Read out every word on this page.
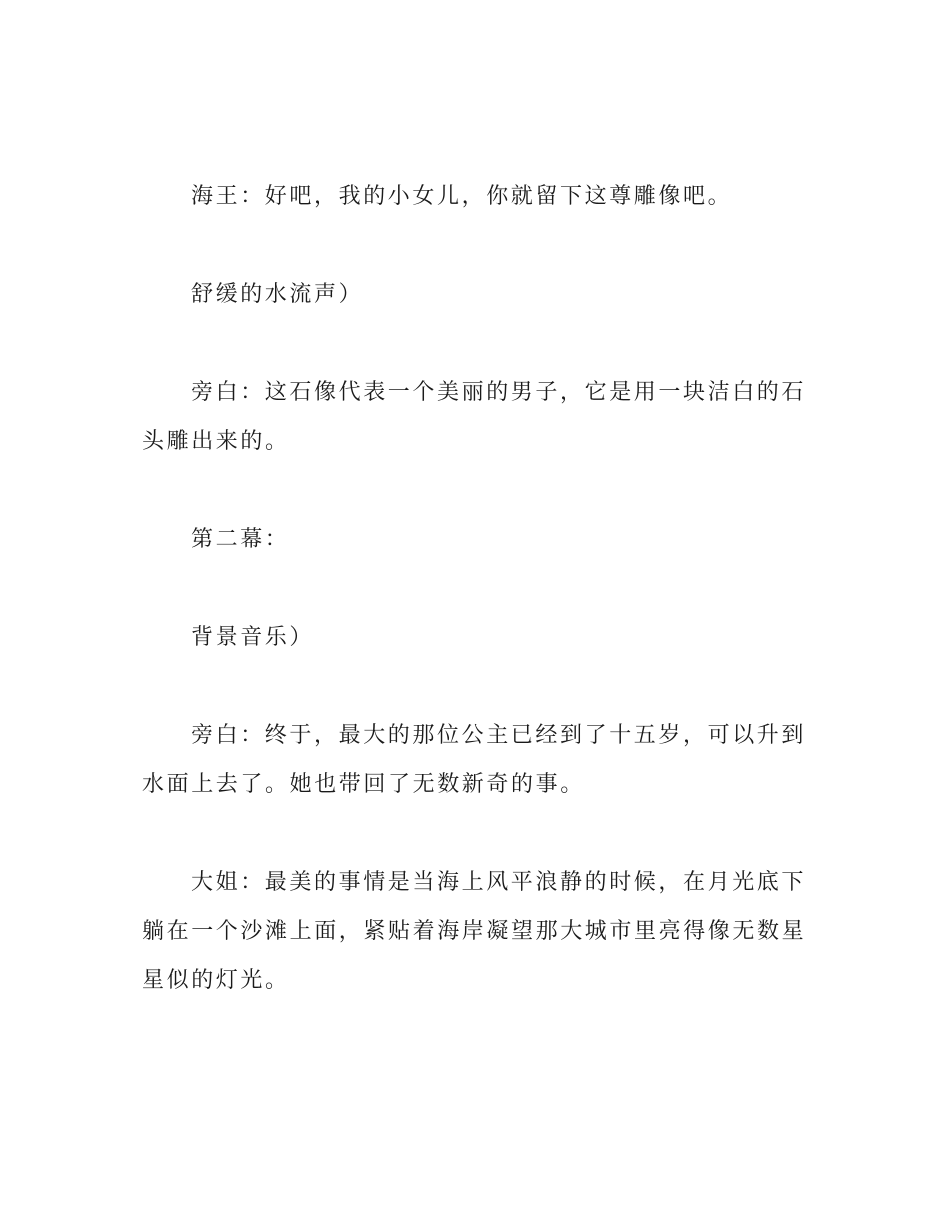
海王：好吧，我的小女儿，你就留下这尊雕像吧。

舒缓的水流声）

旁白：这石像代表一个美丽的男子，它是用一块洁白的石头雕出来的。

第二幕：

背景音乐）

旁白：终于，最大的那位公主已经到了十五岁，可以升到水面上去了。她也带回了无数新奇的事。

大姐：最美的事情是当海上风平浪静的时候，在月光底下躺在一个沙滩上面，紧贴着海岸凝望那大城市里亮得像无数星星似的灯光。
